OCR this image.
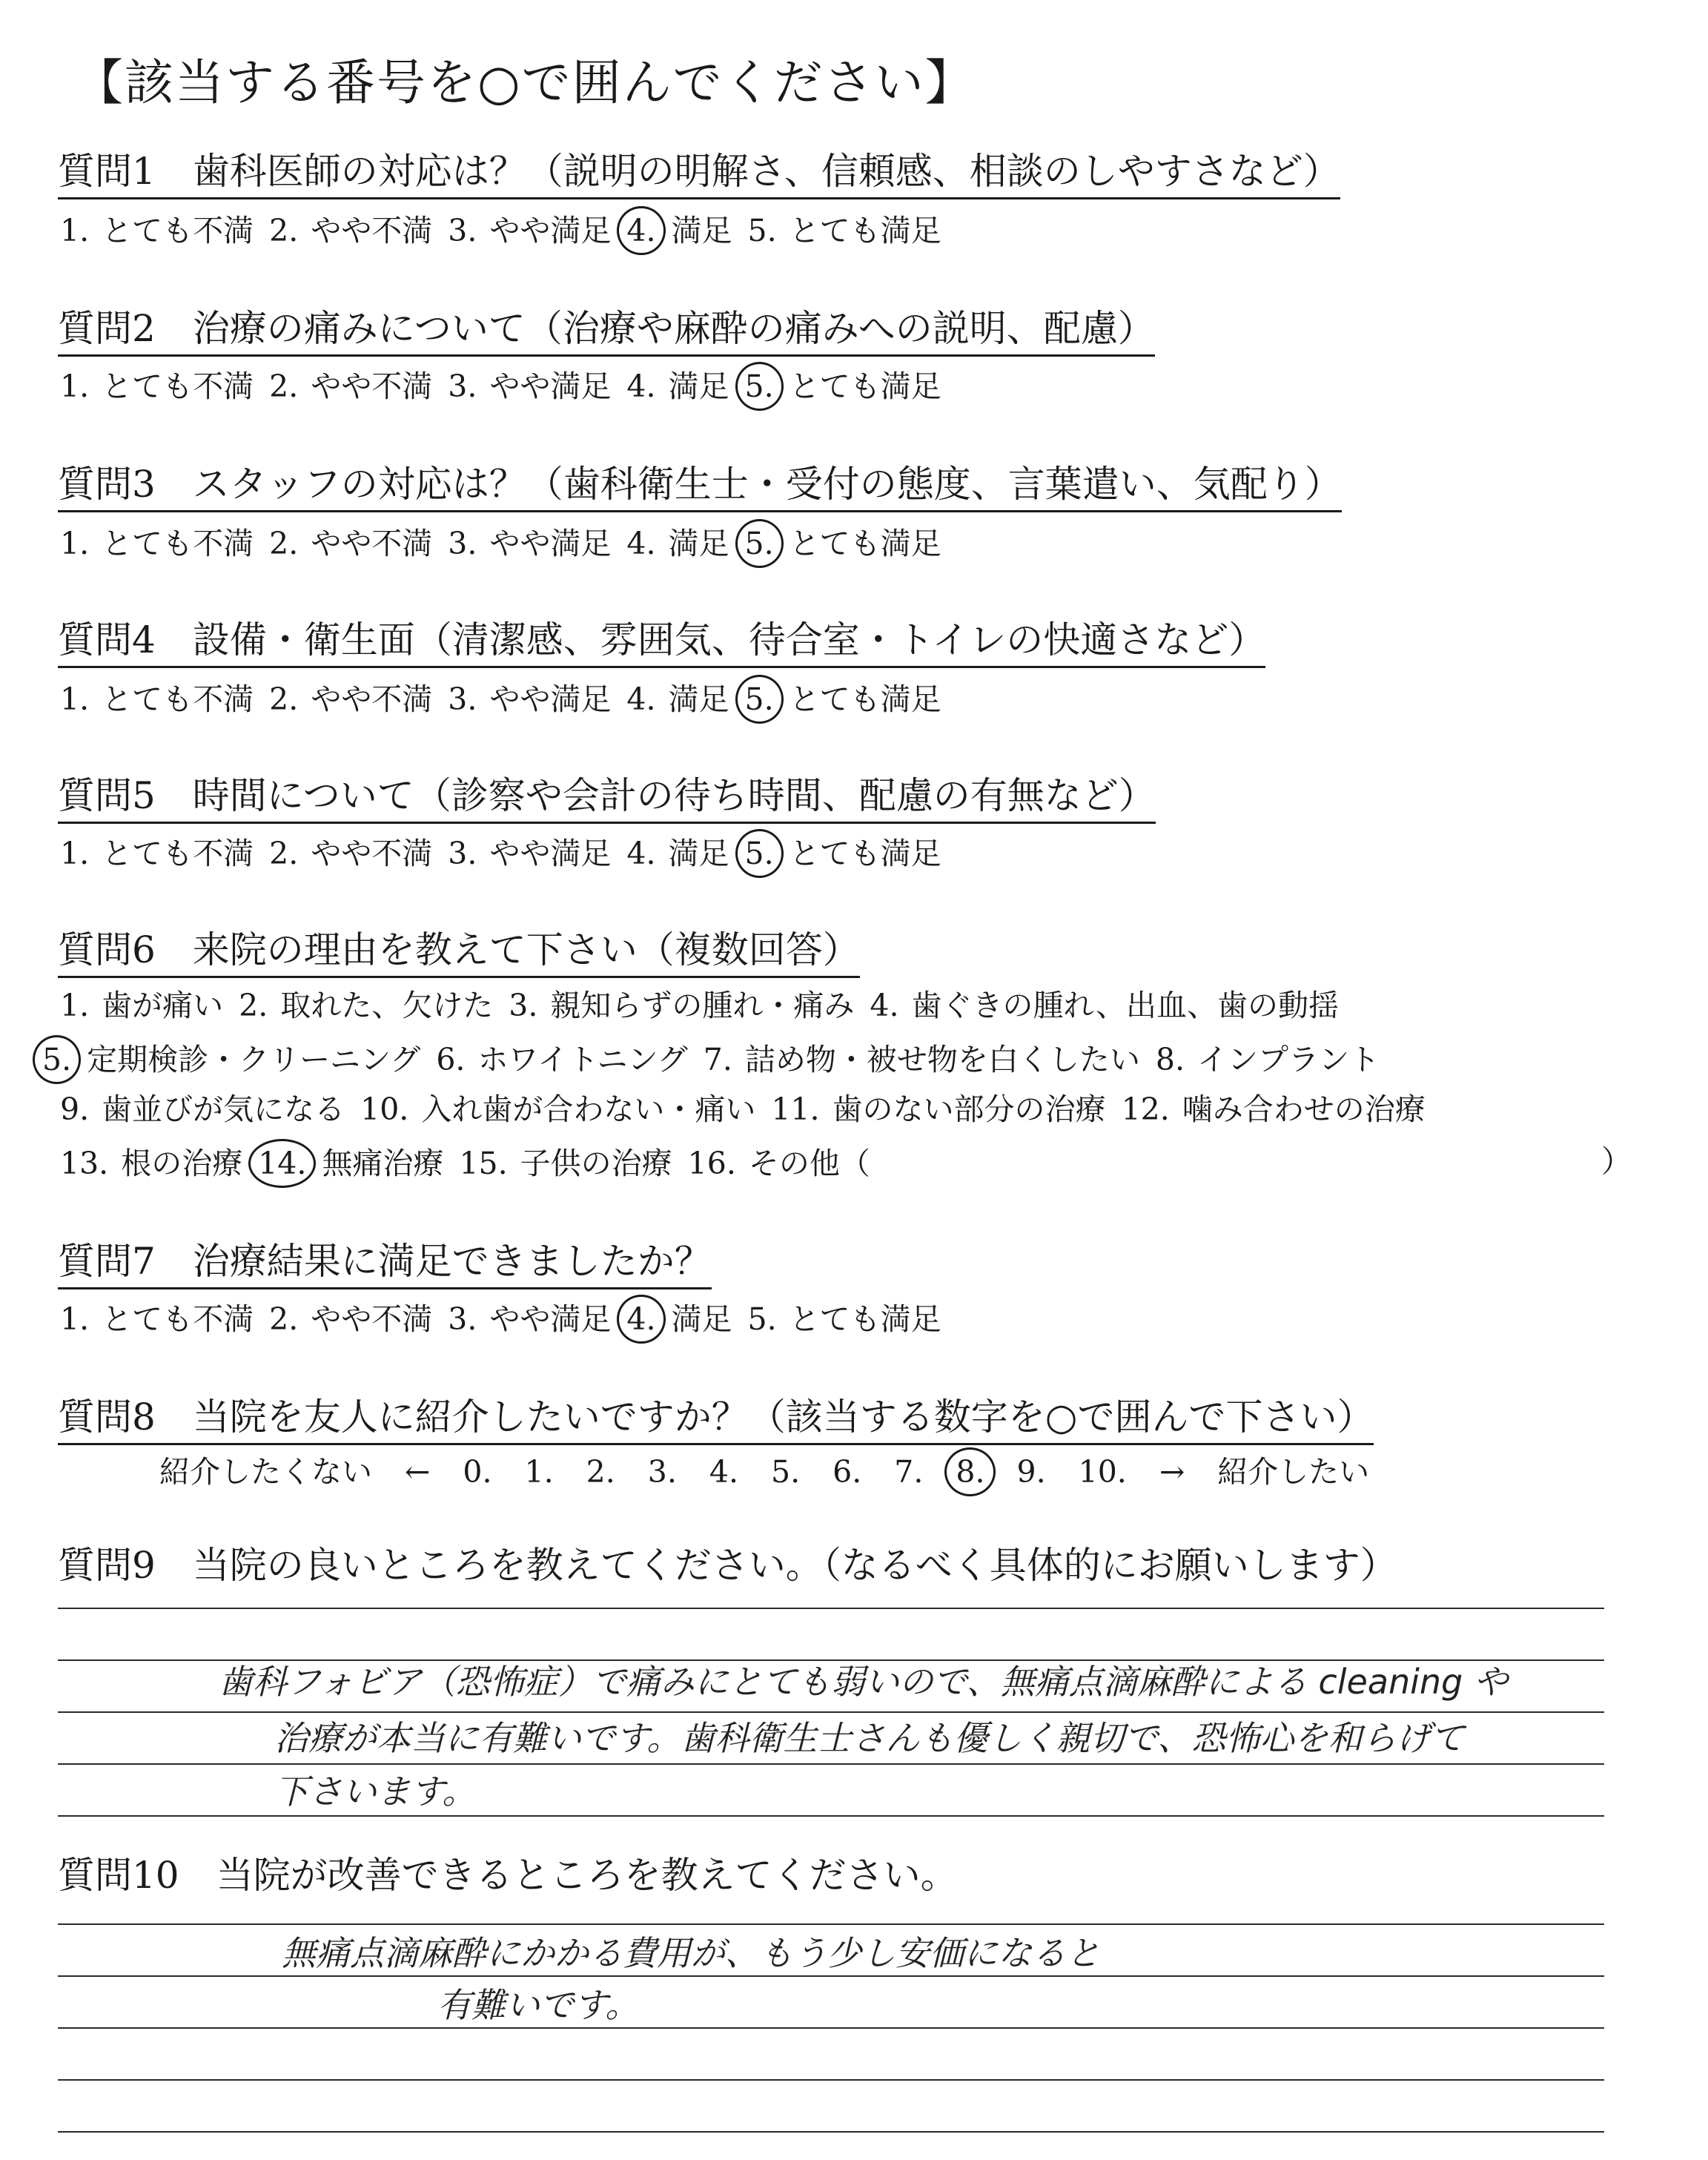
【該当する番号を○で囲んでください】
質問1　歯科医師の対応は？（説明の明解さ、信頼感、相談のしやすさなど）
1. とても不満 2. やや不満 3. やや満足 4. 満足 5. とても満足
質問2　治療の痛みについて（治療や麻酔の痛みへの説明、配慮）
1. とても不満 2. やや不満 3. やや満足 4. 満足 5. とても満足
質問3　スタッフの対応は？（歯科衛生士・受付の態度、言葉遣い、気配り）
1. とても不満 2. やや不満 3. やや満足 4. 満足 5. とても満足
質問4　設備・衛生面（清潔感、雰囲気、待合室・トイレの快適さなど）
1. とても不満 2. やや不満 3. やや満足 4. 満足 5. とても満足
質問5　時間について（診察や会計の待ち時間、配慮の有無など）
1. とても不満 2. やや不満 3. やや満足 4. 満足 5. とても満足
質問6　来院の理由を教えて下さい（複数回答）
1. 歯が痛い 2. 取れた、欠けた 3. 親知らずの腫れ・痛み 4. 歯ぐきの腫れ、出血、歯の動揺
5. 定期検診・クリーニング 6. ホワイトニング 7. 詰め物・被せ物を白くしたい 8. インプラント
9. 歯並びが気になる 10. 入れ歯が合わない・痛い 11. 歯のない部分の治療 12. 噛み合わせの治療
13. 根の治療 14. 無痛治療 15. 子供の治療 16. その他（	）
質問7　治療結果に満足できましたか？
1. とても不満 2. やや不満 3. やや満足 4. 満足 5. とても満足
質問8　当院を友人に紹介したいですか？（該当する数字を○で囲んで下さい）
紹介したくない ← 0. 1. 2. 3. 4. 5. 6. 7. 8. 9. 10. → 紹介したい
質問9　当院の良いところを教えてください。（なるべく具体的にお願いします）
歯科フォビア（恐怖症）で痛みにとても弱いので、無痛点滴麻酔による cleaning や
治療が本当に有難いです。歯科衛生士さんも優しく親切で、恐怖心を和らげて
下さいます。
質問10　当院が改善できるところを教えてください。
無痛点滴麻酔にかかる費用が、もう少し安価になると
有難いです。
